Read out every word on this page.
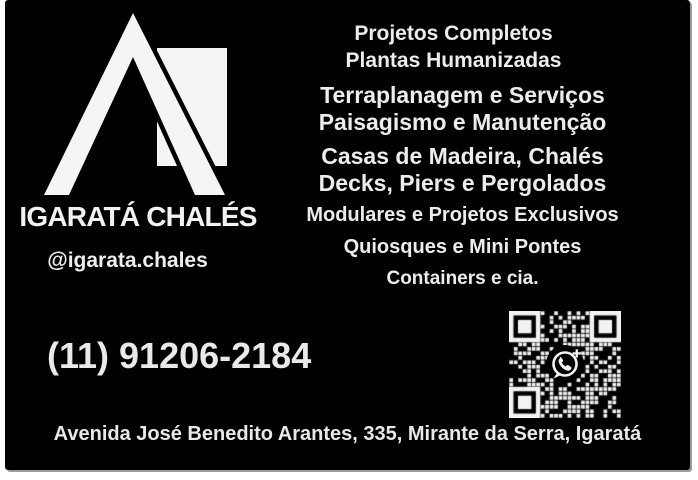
IGARATÁ CHALÉS
@igarata.chales
Projetos Completos
Plantas Humanizadas
Terraplanagem e Serviços
Paisagismo e Manutenção
Casas de Madeira, Chalés
Decks, Piers e Pergolados
Modulares e Projetos Exclusivos
Quiosques e Mini Pontes
Containers e cia.
(11) 91206-2184
Avenida José Benedito Arantes, 335, Mirante da Serra, Igaratá
